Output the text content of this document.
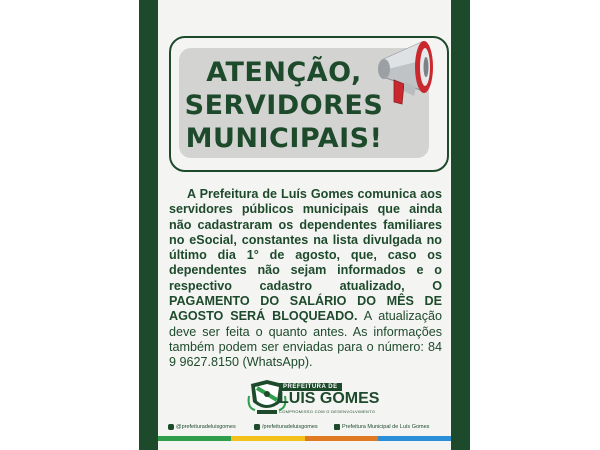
ATENÇÃO,
SERVIDORES
MUNICIPAIS!

A Prefeitura de Luís Gomes comunica aos servidores públicos municipais que ainda não cadastraram os dependentes familiares no eSocial, constantes na lista divulgada no último dia 1° de agosto, que, caso os dependentes não sejam informados e o respectivo cadastro atualizado, O PAGAMENTO DO SALÁRIO DO MÊS DE AGOSTO SERÁ BLOQUEADO. A atualização deve ser feita o quanto antes. As informações também podem ser enviadas para o número: 84 9 9627.8150 (WhatsApp).

PREFEITURA DE
LUÍS GOMES
COMPROMISSO COM O DESENVOLVIMENTO
@prefeituradeluisgomes	/prefeituradeluisgomes	Prefeitura Municipal de Luís Gomes
